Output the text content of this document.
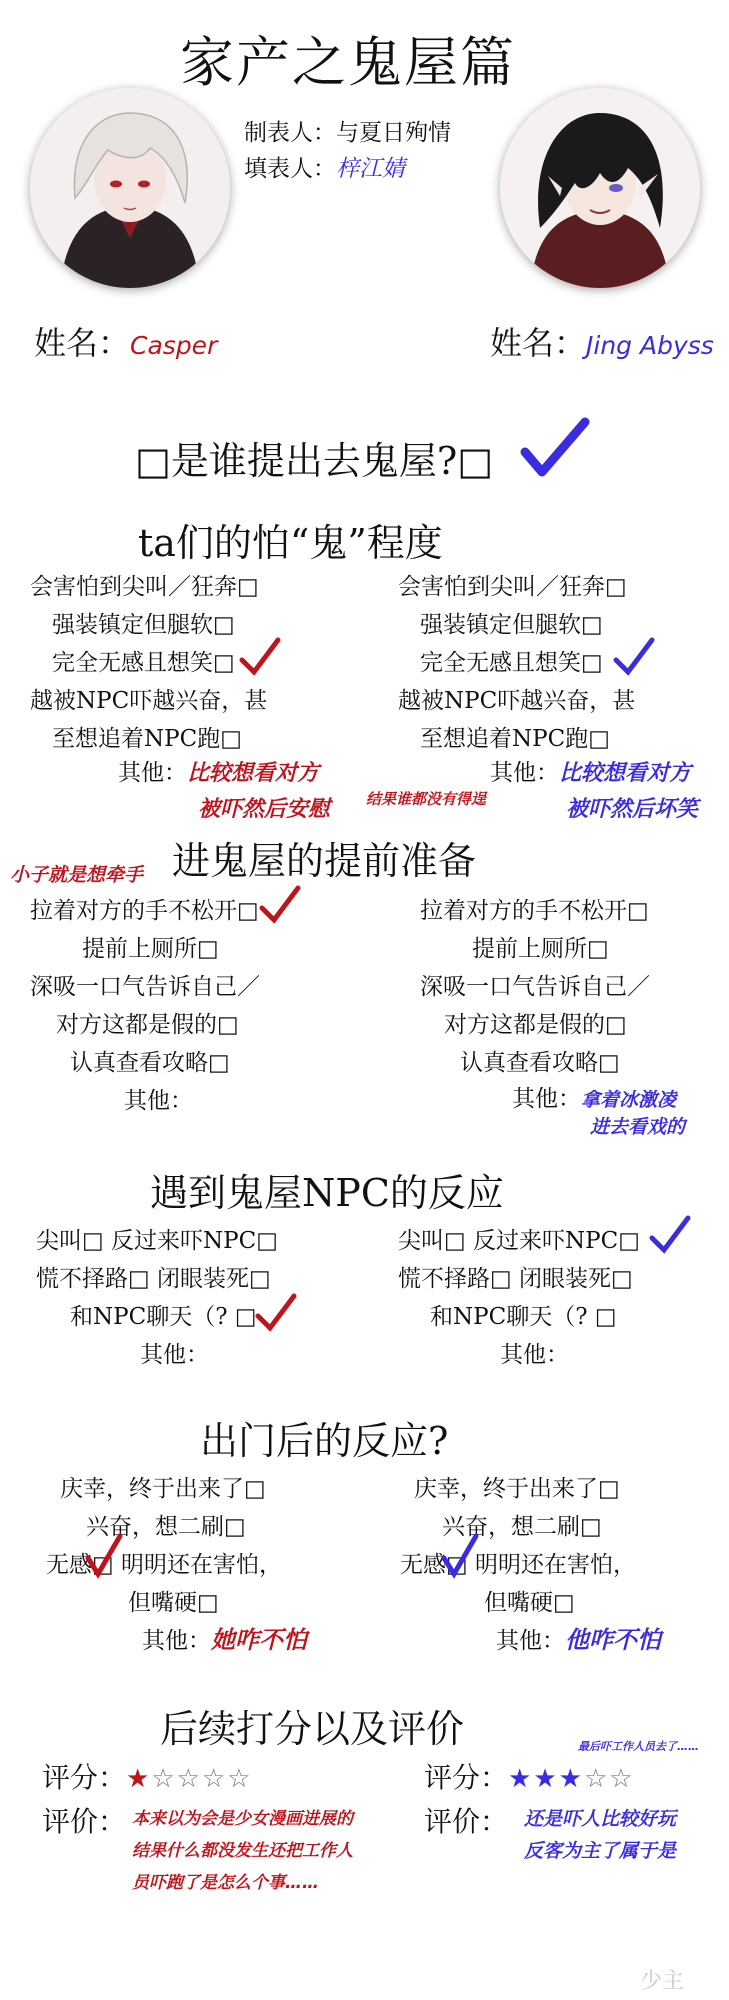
家产之鬼屋篇
制表人：与夏日殉情
填表人：梓江婧
姓名：Casper	姓名：Jing Abyss
□是谁提出去鬼屋?□
ta们的怕“鬼”程度
会害怕到尖叫／狂奔□
强装镇定但腿软□
完全无感且想笑□
越被NPC吓越兴奋，甚
至想追着NPC跑□
其他：比较想看对方
被吓然后安慰 结果谁都没有得逞
会害怕到尖叫／狂奔□
强装镇定但腿软□
完全无感且想笑□
越被NPC吓越兴奋，甚
至想追着NPC跑□
其他：比较想看对方
被吓然后坏笑
进鬼屋的提前准备
小子就是想牵手
拉着对方的手不松开□
提前上厕所□
深吸一口气告诉自己／
对方这都是假的□
认真查看攻略□
其他：
拉着对方的手不松开□
提前上厕所□
深吸一口气告诉自己／
对方这都是假的□
认真查看攻略□
其他：拿着冰激凌
进去看戏的
遇到鬼屋NPC的反应
尖叫□ 反过来吓NPC□
慌不择路□ 闭眼装死□
和NPC聊天（? □
其他：
尖叫□ 反过来吓NPC□
慌不择路□ 闭眼装死□
和NPC聊天（? □
其他：
出门后的反应?
庆幸，终于出来了□
兴奋，想二刷□
无感□ 明明还在害怕，
但嘴硬□
其他：她咋不怕
庆幸，终于出来了□
兴奋，想二刷□
无感□ 明明还在害怕，
但嘴硬□
其他：他咋不怕
后续打分以及评价
评分：★☆☆☆☆
评价： 本来以为会是少女漫画进展的
结果什么都没发生还把工作人
员吓跑了是怎么个事……
最后吓工作人员去了……
评分：★★★☆☆
评价： 还是吓人比较好玩
反客为主了属于是
少主
